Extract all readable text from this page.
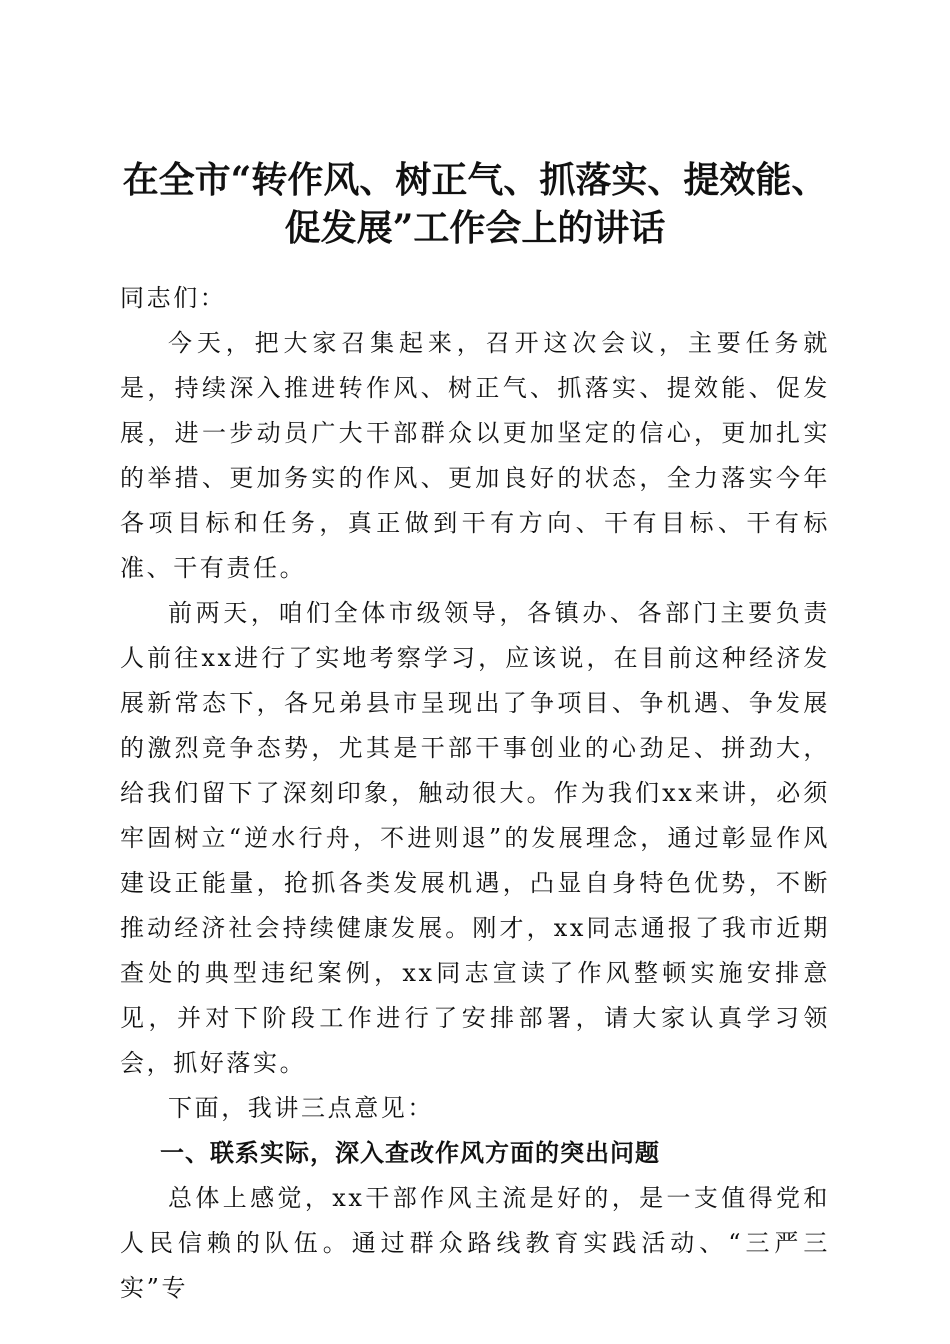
在全市“转作风、树正气、抓落实、提效能、
促发展”工作会上的讲话

同志们：

今天，把大家召集起来，召开这次会议，主要任务就是，持续深入推进转作风、树正气、抓落实、提效能、促发展，进一步动员广大干部群众以更加坚定的信心，更加扎实的举措、更加务实的作风、更加良好的状态，全力落实今年各项目标和任务，真正做到干有方向、干有目标、干有标准、干有责任。

前两天，咱们全体市级领导，各镇办、各部门主要负责人前往xx进行了实地考察学习，应该说，在目前这种经济发展新常态下，各兄弟县市呈现出了争项目、争机遇、争发展的激烈竞争态势，尤其是干部干事创业的心劲足、拼劲大，给我们留下了深刻印象，触动很大。作为我们xx来讲，必须牢固树立“逆水行舟，不进则退”的发展理念，通过彰显作风建设正能量，抢抓各类发展机遇，凸显自身特色优势，不断推动经济社会持续健康发展。刚才，xx同志通报了我市近期查处的典型违纪案例，xx同志宣读了作风整顿实施安排意见，并对下阶段工作进行了安排部署，请大家认真学习领会，抓好落实。

下面，我讲三点意见：

一、联系实际，深入查改作风方面的突出问题

总体上感觉，xx干部作风主流是好的，是一支值得党和人民信赖的队伍。通过群众路线教育实践活动、“三严三实”专
